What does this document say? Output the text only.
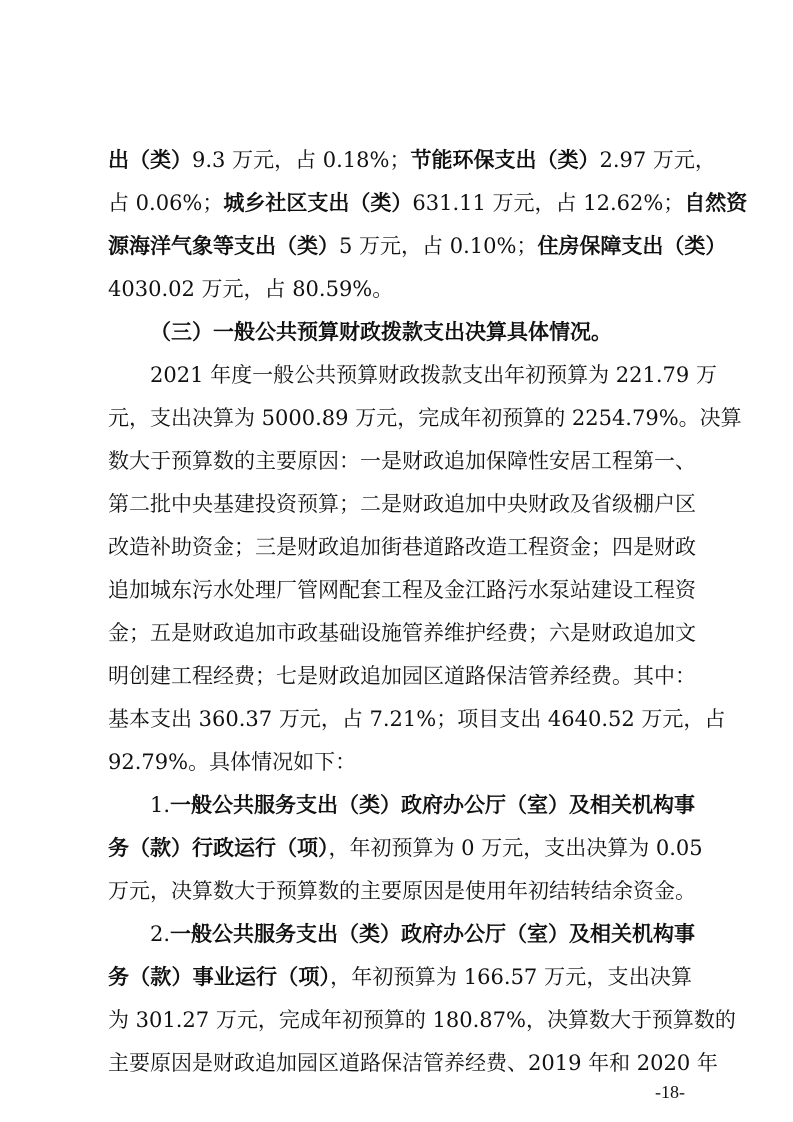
出（类）9.3 万元，占 0.18%；节能环保支出（类）2.97 万元，
占 0.06%；城乡社区支出（类）631.11 万元，占 12.62%；自然资
源海洋气象等支出（类）5 万元，占 0.10%；住房保障支出（类）
4030.02 万元，占 80.59%。
（三）一般公共预算财政拨款支出决算具体情况。
2021 年度一般公共预算财政拨款支出年初预算为 221.79 万
元，支出决算为 5000.89 万元，完成年初预算的 2254.79%。决算
数大于预算数的主要原因：一是财政追加保障性安居工程第一、
第二批中央基建投资预算；二是财政追加中央财政及省级棚户区
改造补助资金；三是财政追加街巷道路改造工程资金；四是财政
追加城东污水处理厂管网配套工程及金江路污水泵站建设工程资
金；五是财政追加市政基础设施管养维护经费；六是财政追加文
明创建工程经费；七是财政追加园区道路保洁管养经费。其中：
基本支出 360.37 万元，占 7.21%；项目支出 4640.52 万元，占
92.79%。具体情况如下：
1.一般公共服务支出（类）政府办公厅（室）及相关机构事
务（款）行政运行（项），年初预算为 0 万元，支出决算为 0.05
万元，决算数大于预算数的主要原因是使用年初结转结余资金。
2.一般公共服务支出（类）政府办公厅（室）及相关机构事
务（款）事业运行（项），年初预算为 166.57 万元，支出决算
为 301.27 万元，完成年初预算的 180.87%，决算数大于预算数的
主要原因是财政追加园区道路保洁管养经费、2019 年和 2020 年
-18-
